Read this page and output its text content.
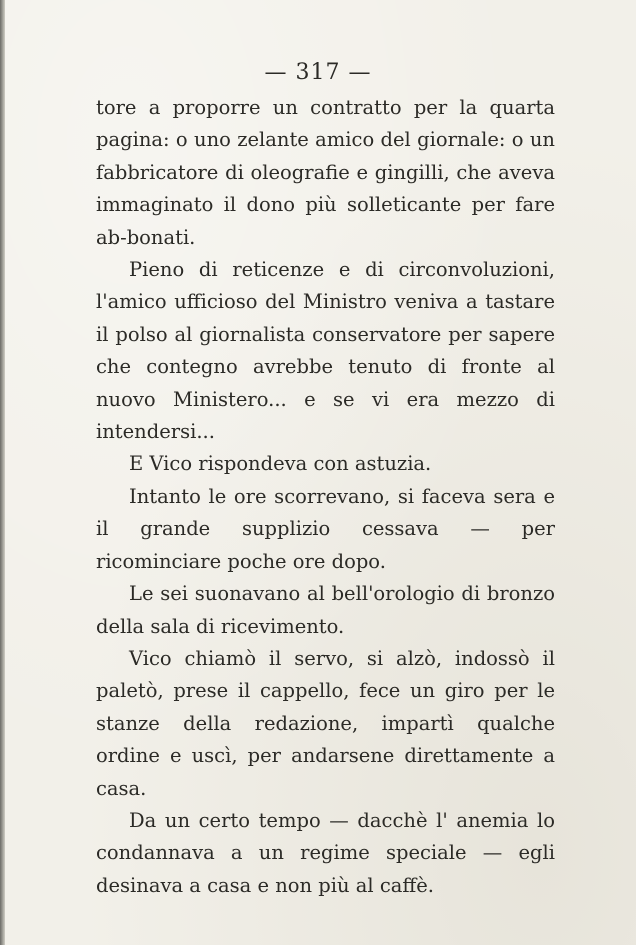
— 317 —

tore a proporre un contratto per la quarta pagina: o uno zelante amico del giornale: o un fabbricatore di oleografie e gingilli, che aveva immaginato il dono più solleticante per fare ab-bonati.

Pieno di reticenze e di circonvoluzioni, l'amico ufficioso del Ministro veniva a tastare il polso al giornalista conservatore per sapere che contegno avrebbe tenuto di fronte al nuovo Ministero... e se vi era mezzo di intendersi...

E Vico rispondeva con astuzia.

Intanto le ore scorrevano, si faceva sera e il grande supplizio cessava — per ricominciare poche ore dopo.

Le sei suonavano al bell'orologio di bronzo della sala di ricevimento.

Vico chiamò il servo, si alzò, indossò il paletò, prese il cappello, fece un giro per le stanze della redazione, impartì qualche ordine e uscì, per andarsene direttamente a casa.

Da un certo tempo — dacchè l' anemia lo condannava a un regime speciale — egli desinava a casa e non più al caffè.
